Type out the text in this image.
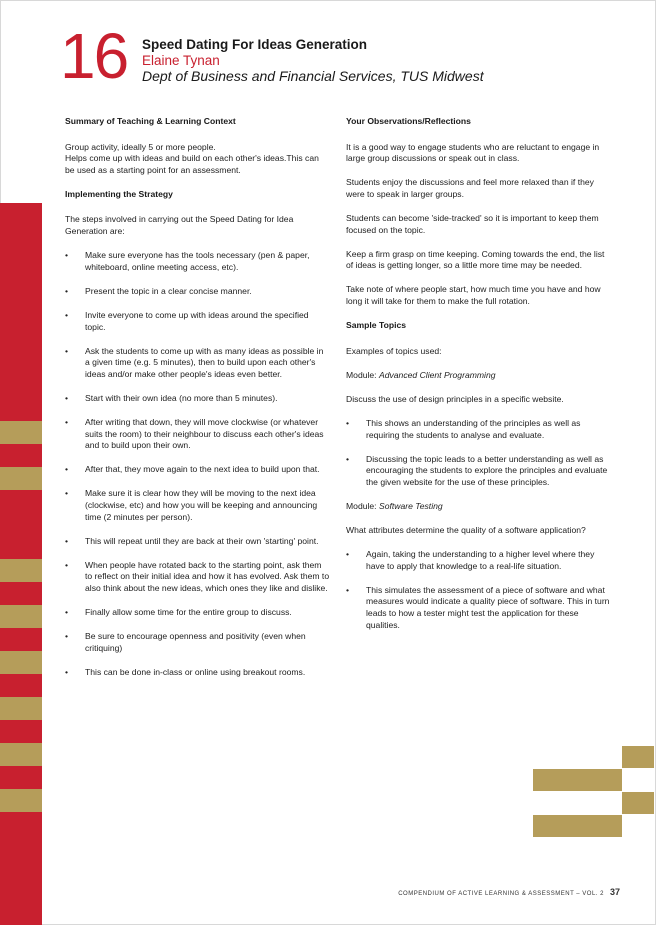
16 Speed Dating For Ideas Generation
Elaine Tynan
Dept of Business and Financial Services, TUS Midwest
Summary of Teaching & Learning Context
Group activity, ideally 5 or more people.
Helps come up with ideas and build on each other's ideas.This can be used as a starting point for an assessment.
Implementing the Strategy
The steps involved in carrying out the Speed Dating for Idea Generation are:
• Make sure everyone has the tools necessary (pen & paper, whiteboard, online meeting access, etc).
• Present the topic in a clear concise manner.
• Invite everyone to come up with ideas around the specified topic.
• Ask the students to come up with as many ideas as possible in a given time (e.g. 5 minutes), then to build upon each other's ideas and/or make other people's ideas even better.
• Start with their own idea (no more than 5 minutes).
• After writing that down, they will move clockwise (or whatever suits the room) to their neighbour to discuss each other's ideas and to build upon their own.
• After that, they move again to the next idea to build upon that.
• Make sure it is clear how they will be moving to the next idea (clockwise, etc) and how you will be keeping and announcing time (2 minutes per person).
• This will repeat until they are back at their own 'starting' point.
• When people have rotated back to the starting point, ask them to reflect on their initial idea and how it has evolved. Ask them to also think about the new ideas, which ones they like and dislike.
• Finally allow some time for the entire group to discuss.
• Be sure to encourage openness and positivity (even when critiquing)
• This can be done in-class or online using breakout rooms.
Your Observations/Reflections
It is a good way to engage students who are reluctant to engage in large group discussions or speak out in class.
Students enjoy the discussions and feel more relaxed than if they were to speak in larger groups.
Students can become 'side-tracked' so it is important to keep them focused on the topic.
Keep a firm grasp on time keeping. Coming towards the end, the list of ideas is getting longer, so a little more time may be needed.
Take note of where people start, how much time you have and how long it will take for them to make the full rotation.
Sample Topics
Examples of topics used:
Module: Advanced Client Programming
Discuss the use of design principles in a specific website.
• This shows an understanding of the principles as well as requiring the students to analyse and evaluate.
• Discussing the topic leads to a better understanding as well as encouraging the students to explore the principles and evaluate the given website for the use of these principles.
Module: Software Testing
What attributes determine the quality of a software application?
• Again, taking the understanding to a higher level where they have to apply that knowledge to a real-life situation.
• This simulates the assessment of a piece of software and what measures would indicate a quality piece of software. This in turn leads to how a tester might test the application for these qualities.
COMPENDIUM OF ACTIVE LEARNING & ASSESSMENT – VOL. 2 37
